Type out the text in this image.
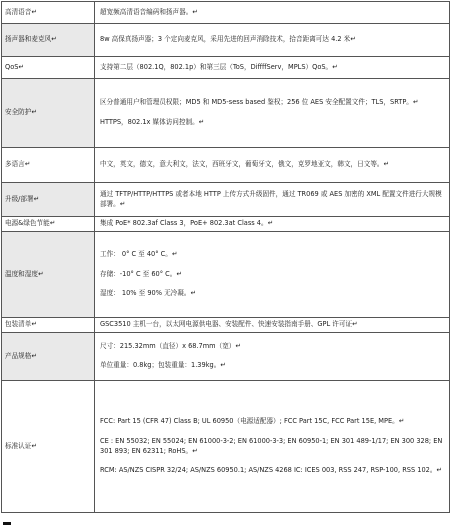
高清语音↵	超宽频高清语音编码和扬声器。↵

扬声器和麦克风↵	8w 高保真扬声器；3 个定向麦克风，采用先进的回声消除技术，拾音距离可达 4.2 米↵

QoS↵	支持第二层（802.1Q，802.1p）和第三层（ToS，DiffffServ，MPLS）QoS。↵

安全防护↵	区分普通用户和管理员权限；MD5 和 MD5-sess based 鉴权；256 位 AES 安全配置文件；TLS，SRTP。↵
HTTPS，802.1x 媒体访问控制。↵

多语言↵	中文，英文，德文，意大利文，法文，西班牙文，葡萄牙文，俄文，克罗地亚文，韩文，日文等。↵

升级/部署↵	通过 TFTP/HTTP/HTTPS 或者本地 HTTP 上传方式升级固件，通过 TR069 或 AES 加密的 XML 配置文件进行大规模部署。↵

电源&绿色节能↵	集成 PoE* 802.3af Class 3，PoE+ 802.3at Class 4。↵

温度和湿度↵	工作： 0° C 至 40° C。↵
存储：-10° C 至 60° C。↵
湿度： 10% 至 90% 无冷凝。↵

包装清单↵	GSC3510 主机一台，以太网电源供电器、安装配件、快速安装指南手册、GPL 许可证↵

产品规格↵	尺寸：215.32mm（直径）x 68.7mm（宽）↵
单位重量：0.8kg；包装重量：1.39kg。↵

标准认证↵	FCC: Part 15 (CFR 47) Class B; UL 60950（电源适配器）; FCC Part 15C, FCC Part 15E, MPE。↵
CE : EN 55032; EN 55024; EN 61000-3-2; EN 61000-3-3; EN 60950-1; EN 301 489-1/17; EN 300 328; EN 301 893; EN 62311; RoHS。↵
RCM: AS/NZS CISPR 32/24; AS/NZS 60950.1; AS/NZS 4268 IC: ICES 003, RSS 247, RSP-100, RSS 102。↵
